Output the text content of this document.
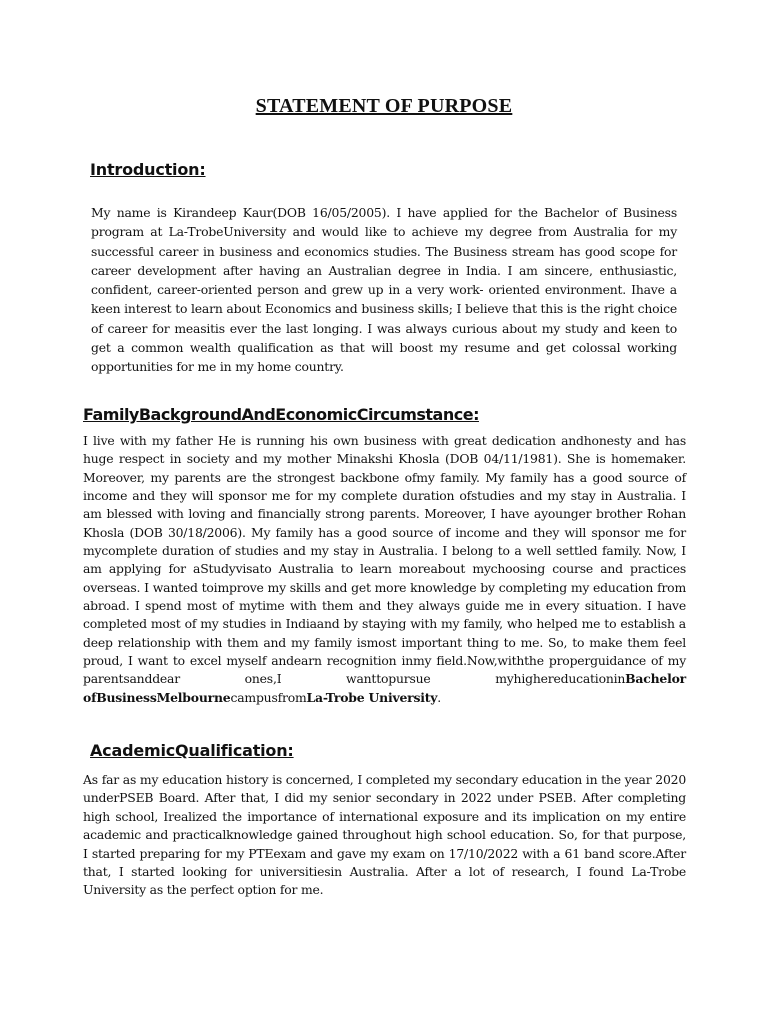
STATEMENT OF PURPOSE
Introduction:
My name is Kirandeep Kaur(DOB 16/05/2005). I have applied for the Bachelor of Business program at La-TrobeUniversity and would like to achieve my degree from Australia for my successful career in business and economics studies. The Business stream has good scope for career development after having an Australian degree in India. I am sincere, enthusiastic, confident, career-oriented person and grew up in a very work- oriented environment. Ihave a keen interest to learn about Economics and business skills; I believe that this is the right choice of career for measitis ever the last longing. I was always curious about my study and keen to get a common wealth qualification as that will boost my resume and get colossal working opportunities for me in my home country.
FamilyBackgroundAndEconomicCircumstance:
I live with my father He is running his own business with great dedication andhonesty and has huge respect in society and my mother Minakshi Khosla (DOB 04/11/1981). She is homemaker. Moreover, my parents are the strongest backbone ofmy family. My family has a good source of income and they will sponsor me for my complete duration ofstudies and my stay in Australia. I am blessed with loving and financially strong parents. Moreover, I have ayounger brother Rohan Khosla (DOB 30/18/2006). My family has a good source of income and they will sponsor me for mycomplete duration of studies and my stay in Australia. I belong to a well settled family. Now, I am applying for aStudyvisato Australia to learn moreabout mychoosing course and practices overseas. I wanted toimprove my skills and get more knowledge by completing my education from abroad. I spend most of mytime with them and they always guide me in every situation. I have completed most of my studies in Indiaand by staying with my family, who helped me to establish a deep relationship with them and my family ismost important thing to me. So, to make them feel proud, I want to excel myself andearn recognition inmy field.Now,withthe properguidance of my parentsanddear ones,I wanttopursue myhighereducationinBachelor ofBusinessMelbournecampusfromLa-Trobe University.
AcademicQualification:
As far as my education history is concerned, I completed my secondary education in the year 2020 underPSEB Board. After that, I did my senior secondary in 2022 under PSEB. After completing high school, Irealized the importance of international exposure and its implication on my entire academic and practicalknowledge gained throughout high school education. So, for that purpose, I started preparing for my PTEexam and gave my exam on 17/10/2022 with a 61 band score.After that, I started looking for universitiesin Australia. After a lot of research, I found La-Trobe University as the perfect option for me.
